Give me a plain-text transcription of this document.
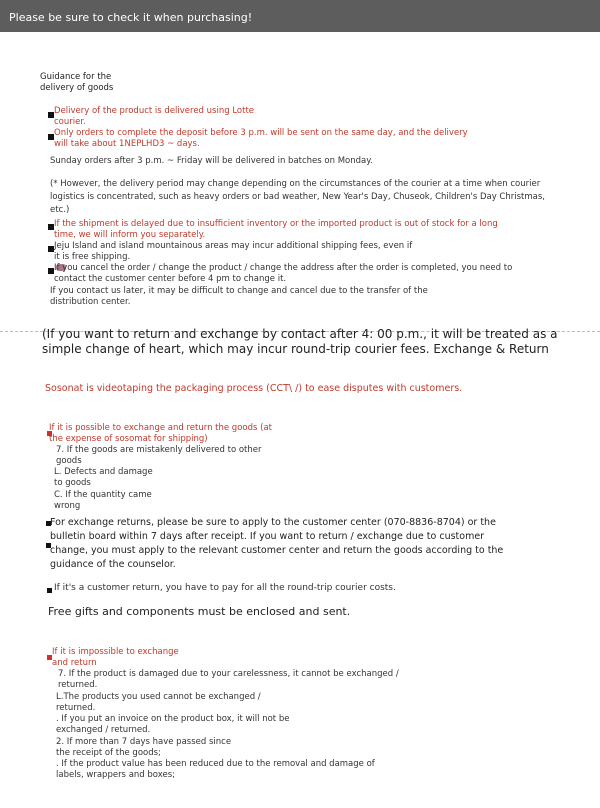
Please be sure to check it when purchasing!
Guidance for the
delivery of goods
Delivery of the product is delivered using Lotte
courier.
Only orders to complete the deposit before 3 p.m. will be sent on the same day, and the delivery
will take about 1NEPLHD3 ~ days.
Sunday orders after 3 p.m. ~ Friday will be delivered in batches on Monday.
(* However, the delivery period may change depending on the circumstances of the courier at a time when courier
logistics is concentrated, such as heavy orders or bad weather, New Year's Day, Chuseok, Children's Day Christmas,
etc.)
If the shipment is delayed due to insufficient inventory or the imported product is out of stock for a long
time, we will inform you separately.
Jeju Island and island mountainous areas may incur additional shipping fees, even if
it is free shipping.
If you cancel the order / change the product / change the address after the order is completed, you need to
contact the customer center before 4 pm to change it.
If you contact us later, it may be difficult to change and cancel due to the transfer of the
distribution center.
(If you want to return and exchange by contact after 4: 00 p.m., it will be treated as a
simple change of heart, which may incur round-trip courier fees. Exchange & Return
Sosonat is videotaping the packaging process (CCT\ /) to ease disputes with customers.
If it is possible to exchange and return the goods (at
the expense of sosomat for shipping)
7. If the goods are mistakenly delivered to other
goods
L. Defects and damage
to goods
C. If the quantity came
wrong
For exchange returns, please be sure to apply to the customer center (070-8836-8704) or the
bulletin board within 7 days after receipt. If you want to return / exchange due to customer
change, you must apply to the relevant customer center and return the goods according to the
guidance of the counselor.
If it's a customer return, you have to pay for all the round-trip courier costs.
Free gifts and components must be enclosed and sent.
If it is impossible to exchange
and return
7. If the product is damaged due to your carelessness, it cannot be exchanged /
returned.
L.The products you used cannot be exchanged /
returned.
. If you put an invoice on the product box, it will not be
exchanged / returned.
2. If more than 7 days have passed since
the receipt of the goods;
. If the product value has been reduced due to the removal and damage of
labels, wrappers and boxes;
